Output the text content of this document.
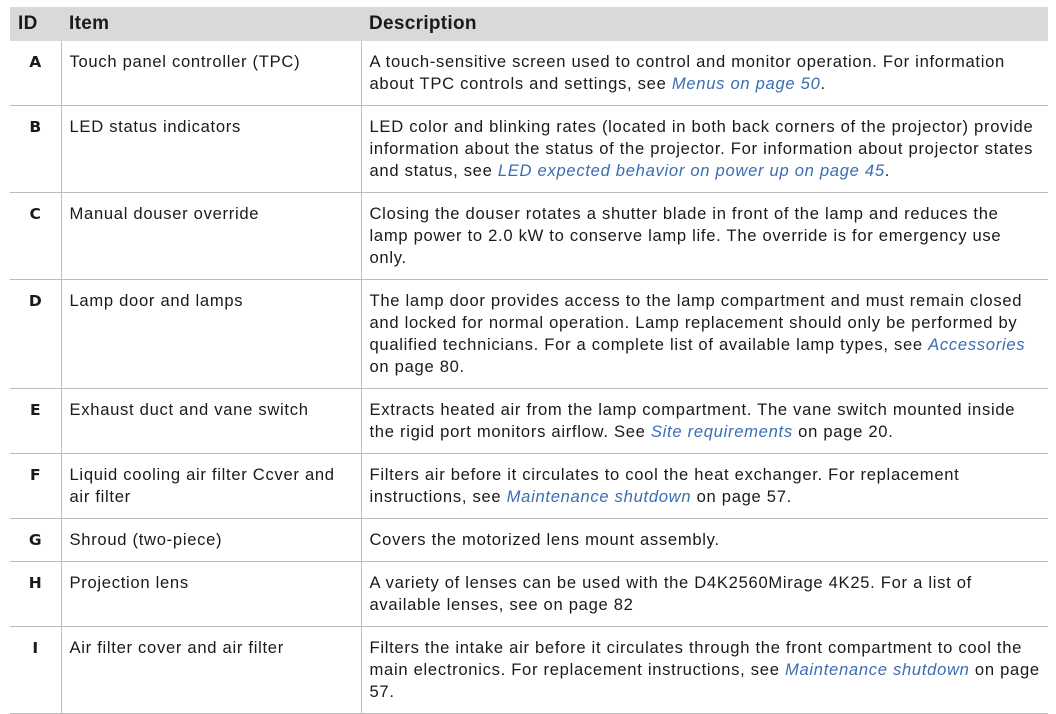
ID	Item	Description
A	Touch panel controller (TPC)	A touch-sensitive screen used to control and monitor operation. For information about TPC controls and settings, see Menus on page 50.
B	LED status indicators	LED color and blinking rates (located in both back corners of the projector) provide information about the status of the projector. For information about projector states and status, see LED expected behavior on power up on page 45.
C	Manual douser override	Closing the douser rotates a shutter blade in front of the lamp and reduces the lamp power to 2.0 kW to conserve lamp life. The override is for emergency use only.
D	Lamp door and lamps	The lamp door provides access to the lamp compartment and must remain closed and locked for normal operation. Lamp replacement should only be performed by qualified technicians. For a complete list of available lamp types, see Accessories on page 80.
E	Exhaust duct and vane switch	Extracts heated air from the lamp compartment. The vane switch mounted inside the rigid port monitors airflow. See Site requirements on page 20.
F	Liquid cooling air filter Ccver and air filter	Filters air before it circulates to cool the heat exchanger. For replacement instructions, see Maintenance shutdown on page 57.
G	Shroud (two-piece)	Covers the motorized lens mount assembly.
H	Projection lens	A variety of lenses can be used with the D4K2560Mirage 4K25. For a list of available lenses, see on page 82
I	Air filter cover and air filter	Filters the intake air before it circulates through the front compartment to cool the main electronics. For replacement instructions, see Maintenance shutdown on page 57.
